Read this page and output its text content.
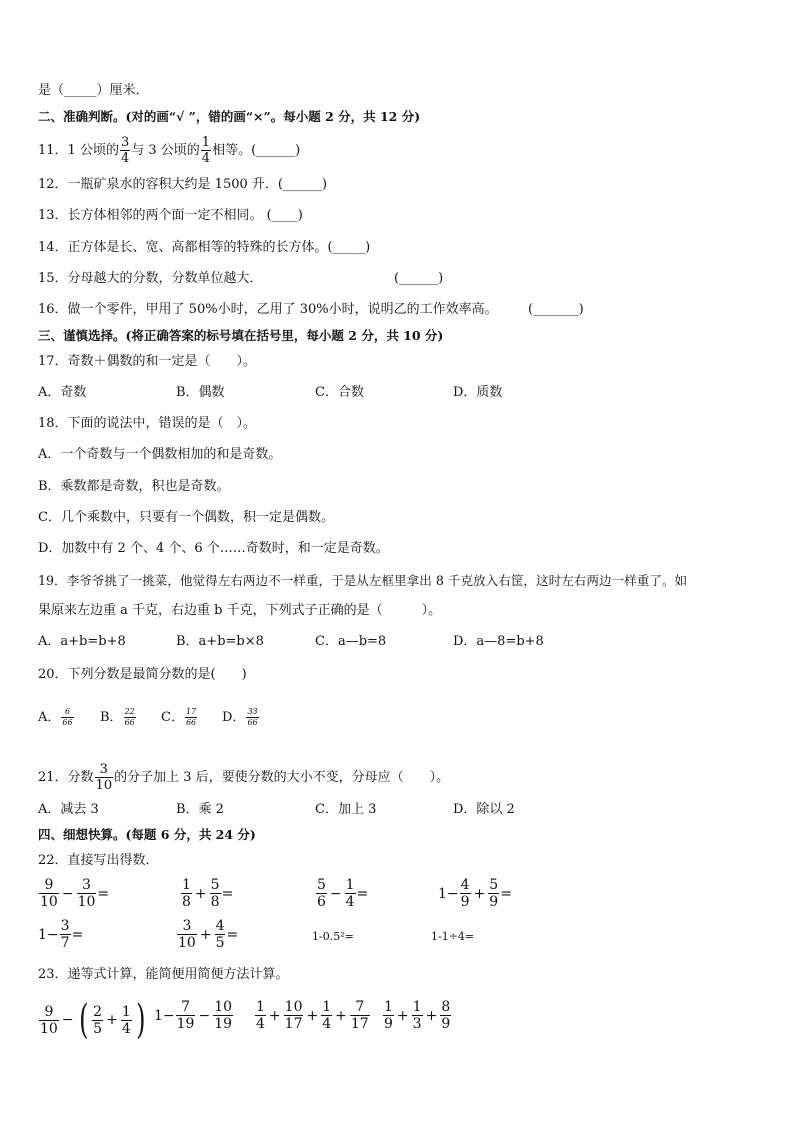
是（_____）厘米．
二、准确判断。(对的画“√ ”，错的画“×”。每小题 2 分，共 12 分)
11．1 公顷的 $\frac{3}{4}$ 与 3 公顷的 $\frac{1}{4}$ 相等。(______)
12．一瓶矿泉水的容积大约是 1500 升．(______)
13．长方体相邻的两个面一定不相同。 (____)
14．正方体是长、宽、高都相等的特殊的长方体。(_____)
15．分母越大的分数，分数单位越大．	(______)
16．做一个零件，甲用了 50%小时，乙用了 30%小时，说明乙的工作效率高。 (_______)
三、谨慎选择。(将正确答案的标号填在括号里，每小题 2 分，共 10 分)
17．奇数＋偶数的和一定是（　　）。
A．奇数	B．偶数	C．合数	D．质数
18．下面的说法中，错误的是（　）。
A．一个奇数与一个偶数相加的和是奇数。
B．乘数都是奇数，积也是奇数。
C．几个乘数中，只要有一个偶数，积一定是偶数。
D．加数中有 2 个、4 个、6 个……奇数时，和一定是奇数。
19．李爷爷挑了一挑菜，他觉得左右两边不一样重，于是从左框里拿出 8 千克放入右筐，这时左右两边一样重了。如
果原来左边重 a 千克，右边重 b 千克，下列式子正确的是（　　　）。
A．a+b=b+8	B．a+b=b×8	C．a—b=8	D．a—8=b+8
20．下列分数是最简分数的是(　　)
A． $\frac{6}{66}$ B． $\frac{22}{66}$ C． $\frac{17}{66}$ D． $\frac{33}{66}$
21．分数 $\frac{3}{10}$ 的分子加上 3 后，要使分数的大小不变，分母应（　　）。
A．减去 3	B．乘 2	C．加上 3	D．除以 2
四、细想快算。(每题 6 分，共 24 分)
22．直接写出得数．
$\frac{9}{10} - \frac{3}{10}$ =	$\frac{1}{8} + \frac{5}{8}$ =	$\frac{5}{6} - \frac{1}{4}$ =	$1- \frac{4}{9} + \frac{5}{9}$ =
$1- \frac{3}{7}$ =	$\frac{3}{10} + \frac{4}{5}$ =	1-0.5²=	1-1÷4=
23．递等式计算，能简便用简便方法计算。
$\frac{9}{10}$ − ( $\frac{2}{5} + \frac{1}{4}$ ) $1- \frac{7}{19} - \frac{10}{19} \frac{1}{4} + \frac{10}{17} + \frac{1}{4} + \frac{7}{17} \frac{1}{9} + \frac{1}{3} + \frac{8}{9}$
